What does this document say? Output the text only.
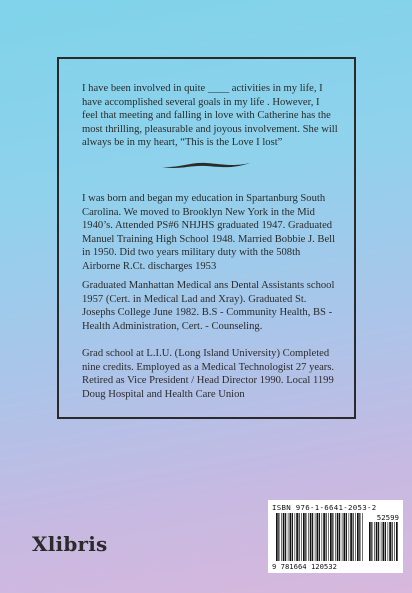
I have been involved in quite ____ activities in my life, I have accomplished several goals in my life . However, I feel that meeting and falling in love with Catherine has the most thrilling, pleasurable and joyous involvement. She will always be in my heart, “This is the Love I lost”

I was born and began my education in Spartanburg South Carolina. We moved to Brooklyn New York in the Mid 1940’s. Attended PS#6 NHJHS graduated 1947. Graduated Manuel Training High School 1948. Married Bobbie J. Bell in 1950. Did two years military duty with the 508th Airborne R.Ct. discharges 1953

Graduated Manhattan Medical ans Dental Assistants school 1957 (Cert. in Medical Lad and Xray). Graduated St. Josephs College June 1982. B.S - Community Health, BS - Health Administration, Cert. - Counseling.

Grad school at L.I.U. (Long Island University) Completed nine credits. Employed as a Medical Technologist 27 years. Retired as Vice President / Head Director 1990. Local 1199 Doug Hospital and Health Care Union

Xlibris
ISBN 976-1-6641-2053-2
52599
9 781664 120532
